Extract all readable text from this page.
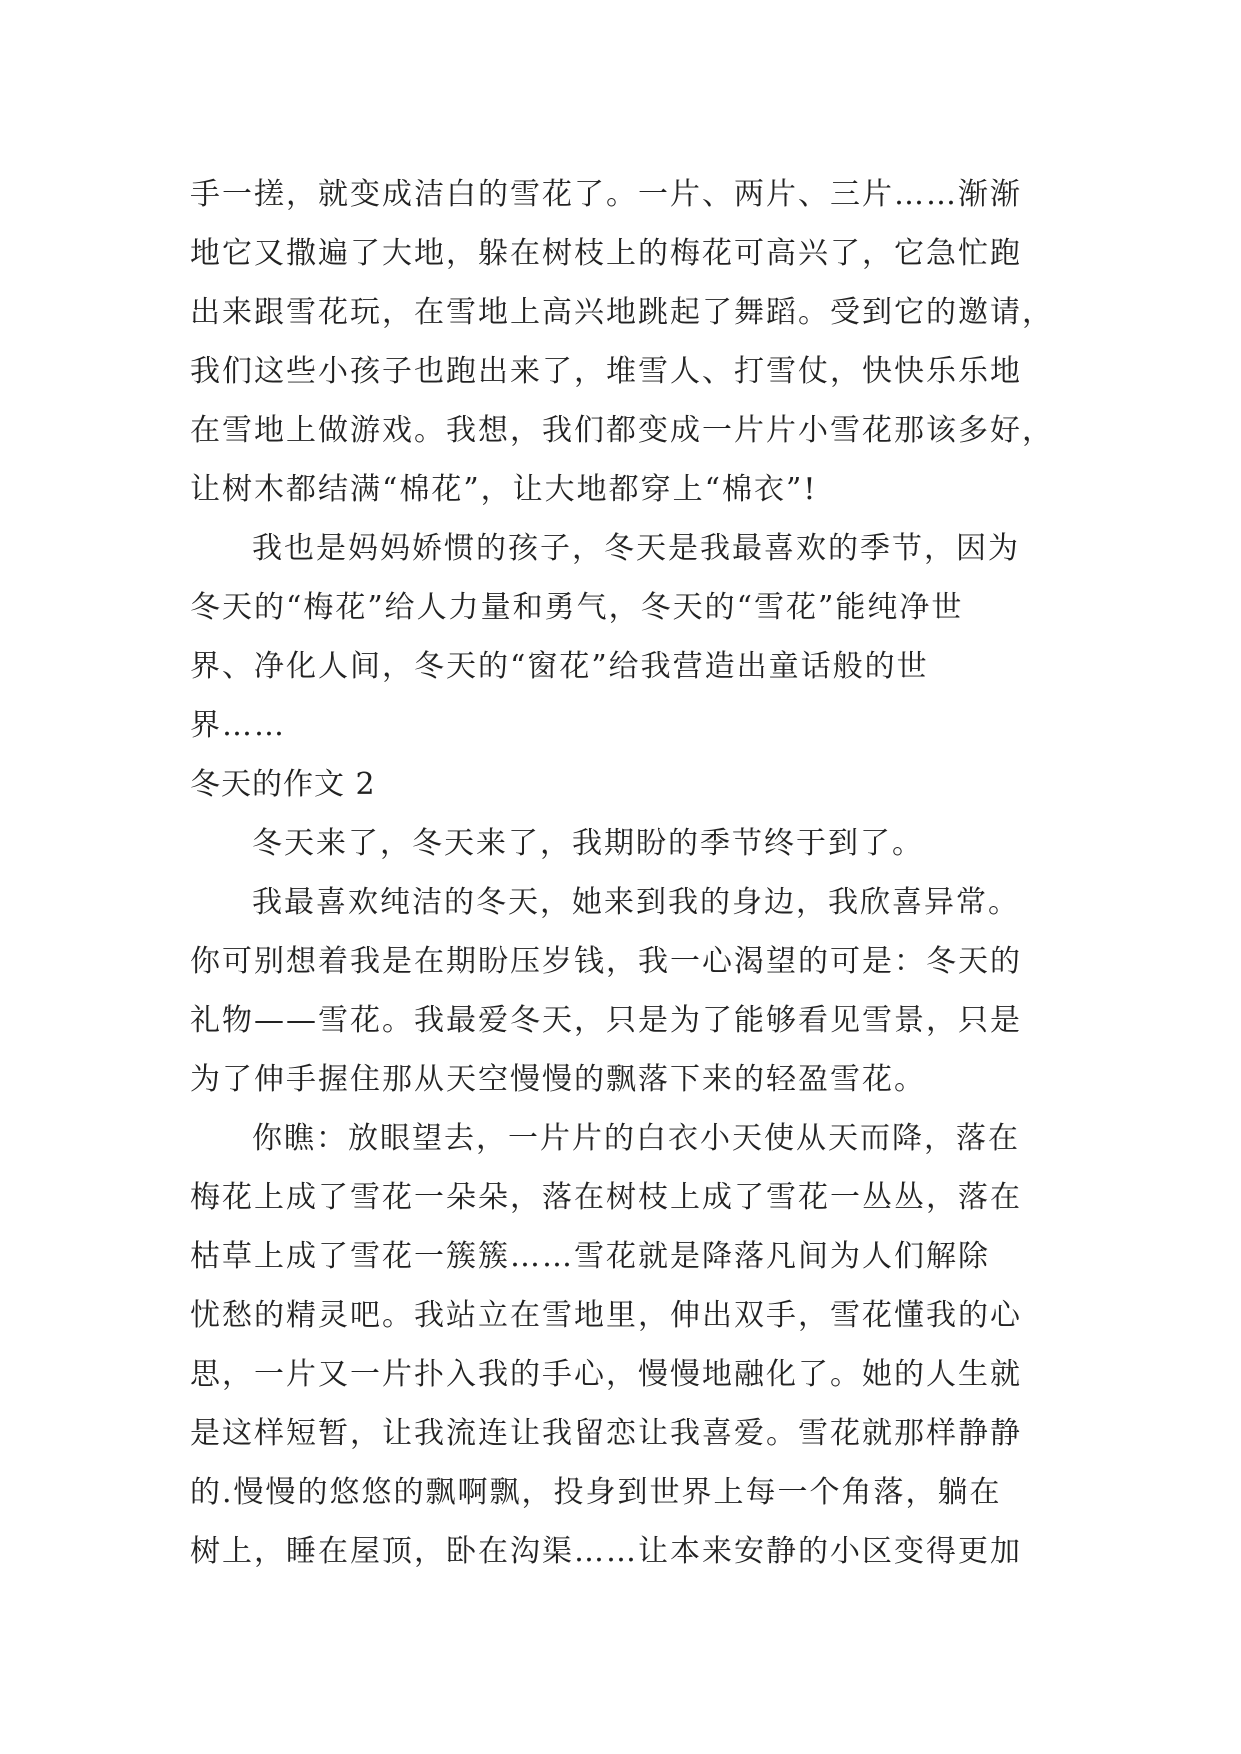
手一搓，就变成洁白的雪花了。一片、两片、三片……渐渐
地它又撒遍了大地，躲在树枝上的梅花可高兴了，它急忙跑
出来跟雪花玩，在雪地上高兴地跳起了舞蹈。受到它的邀请，
我们这些小孩子也跑出来了，堆雪人、打雪仗，快快乐乐地
在雪地上做游戏。我想，我们都变成一片片小雪花那该多好，
让树木都结满“棉花”，让大地都穿上“棉衣”!
我也是妈妈娇惯的孩子，冬天是我最喜欢的季节，因为
冬天的“梅花”给人力量和勇气，冬天的“雪花”能纯净世
界、净化人间，冬天的“窗花”给我营造出童话般的世
界……
冬天的作文 2
冬天来了，冬天来了，我期盼的季节终于到了。
我最喜欢纯洁的冬天，她来到我的身边，我欣喜异常。
你可别想着我是在期盼压岁钱，我一心渴望的可是：冬天的
礼物——雪花。我最爱冬天，只是为了能够看见雪景，只是
为了伸手握住那从天空慢慢的飘落下来的轻盈雪花。
你瞧：放眼望去，一片片的白衣小天使从天而降，落在
梅花上成了雪花一朵朵，落在树枝上成了雪花一丛丛，落在
枯草上成了雪花一簇簇……雪花就是降落凡间为人们解除
忧愁的精灵吧。我站立在雪地里，伸出双手，雪花懂我的心
思，一片又一片扑入我的手心，慢慢地融化了。她的人生就
是这样短暂，让我流连让我留恋让我喜爱。雪花就那样静静
的.慢慢的悠悠的飘啊飘，投身到世界上每一个角落，躺在
树上，睡在屋顶，卧在沟渠……让本来安静的小区变得更加
